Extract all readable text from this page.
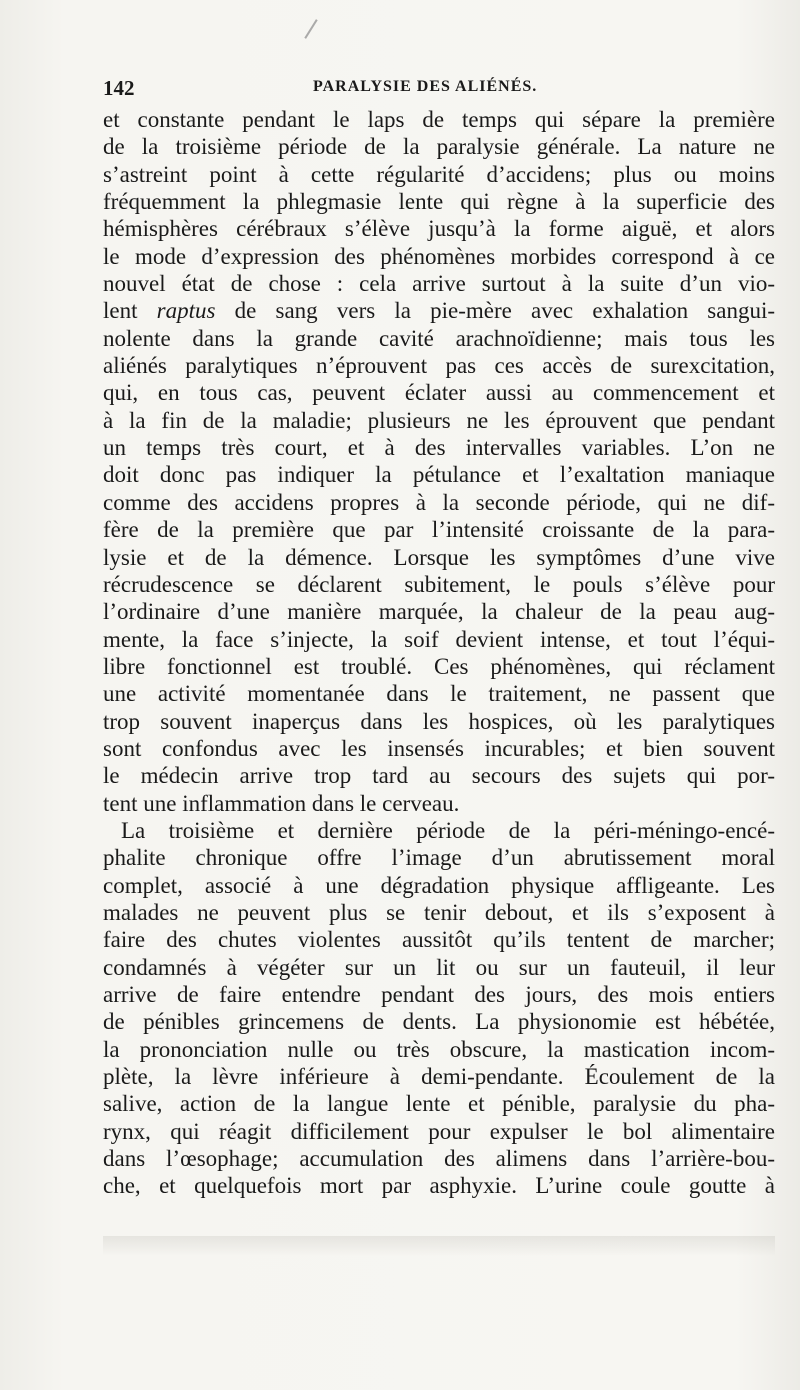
142	PARALYSIE DES ALIÉNÉS.
et constante pendant le laps de temps qui sépare la première
de la troisième période de la paralysie générale. La nature ne
s’astreint point à cette régularité d’accidens; plus ou moins
fréquemment la phlegmasie lente qui règne à la superficie des
hémisphères cérébraux s’élève jusqu’à la forme aiguë, et alors
le mode d’expression des phénomènes morbides correspond à ce
nouvel état de chose : cela arrive surtout à la suite d’un vio-
lent raptus de sang vers la pie-mère avec exhalation sangui-
nolente dans la grande cavité arachnoïdienne; mais tous les
aliénés paralytiques n’éprouvent pas ces accès de surexcitation,
qui, en tous cas, peuvent éclater aussi au commencement et
à la fin de la maladie; plusieurs ne les éprouvent que pendant
un temps très court, et à des intervalles variables. L’on ne
doit donc pas indiquer la pétulance et l’exaltation maniaque
comme des accidens propres à la seconde période, qui ne dif-
fère de la première que par l’intensité croissante de la para-
lysie et de la démence. Lorsque les symptômes d’une vive
récrudescence se déclarent subitement, le pouls s’élève pour
l’ordinaire d’une manière marquée, la chaleur de la peau aug-
mente, la face s’injecte, la soif devient intense, et tout l’équi-
libre fonctionnel est troublé. Ces phénomènes, qui réclament
une activité momentanée dans le traitement, ne passent que
trop souvent inaperçus dans les hospices, où les paralytiques
sont confondus avec les insensés incurables; et bien souvent
le médecin arrive trop tard au secours des sujets qui por-
tent une inflammation dans le cerveau.
La troisième et dernière période de la péri-méningo-encé-
phalite chronique offre l’image d’un abrutissement moral
complet, associé à une dégradation physique affligeante. Les
malades ne peuvent plus se tenir debout, et ils s’exposent à
faire des chutes violentes aussitôt qu’ils tentent de marcher;
condamnés à végéter sur un lit ou sur un fauteuil, il leur
arrive de faire entendre pendant des jours, des mois entiers
de pénibles grincemens de dents. La physionomie est hébétée,
la prononciation nulle ou très obscure, la mastication incom-
plète, la lèvre inférieure à demi-pendante. Écoulement de la
salive, action de la langue lente et pénible, paralysie du pha-
rynx, qui réagit difficilement pour expulser le bol alimentaire
dans l’œsophage; accumulation des alimens dans l’arrière-bou-
che, et quelquefois mort par asphyxie. L’urine coule goutte à
